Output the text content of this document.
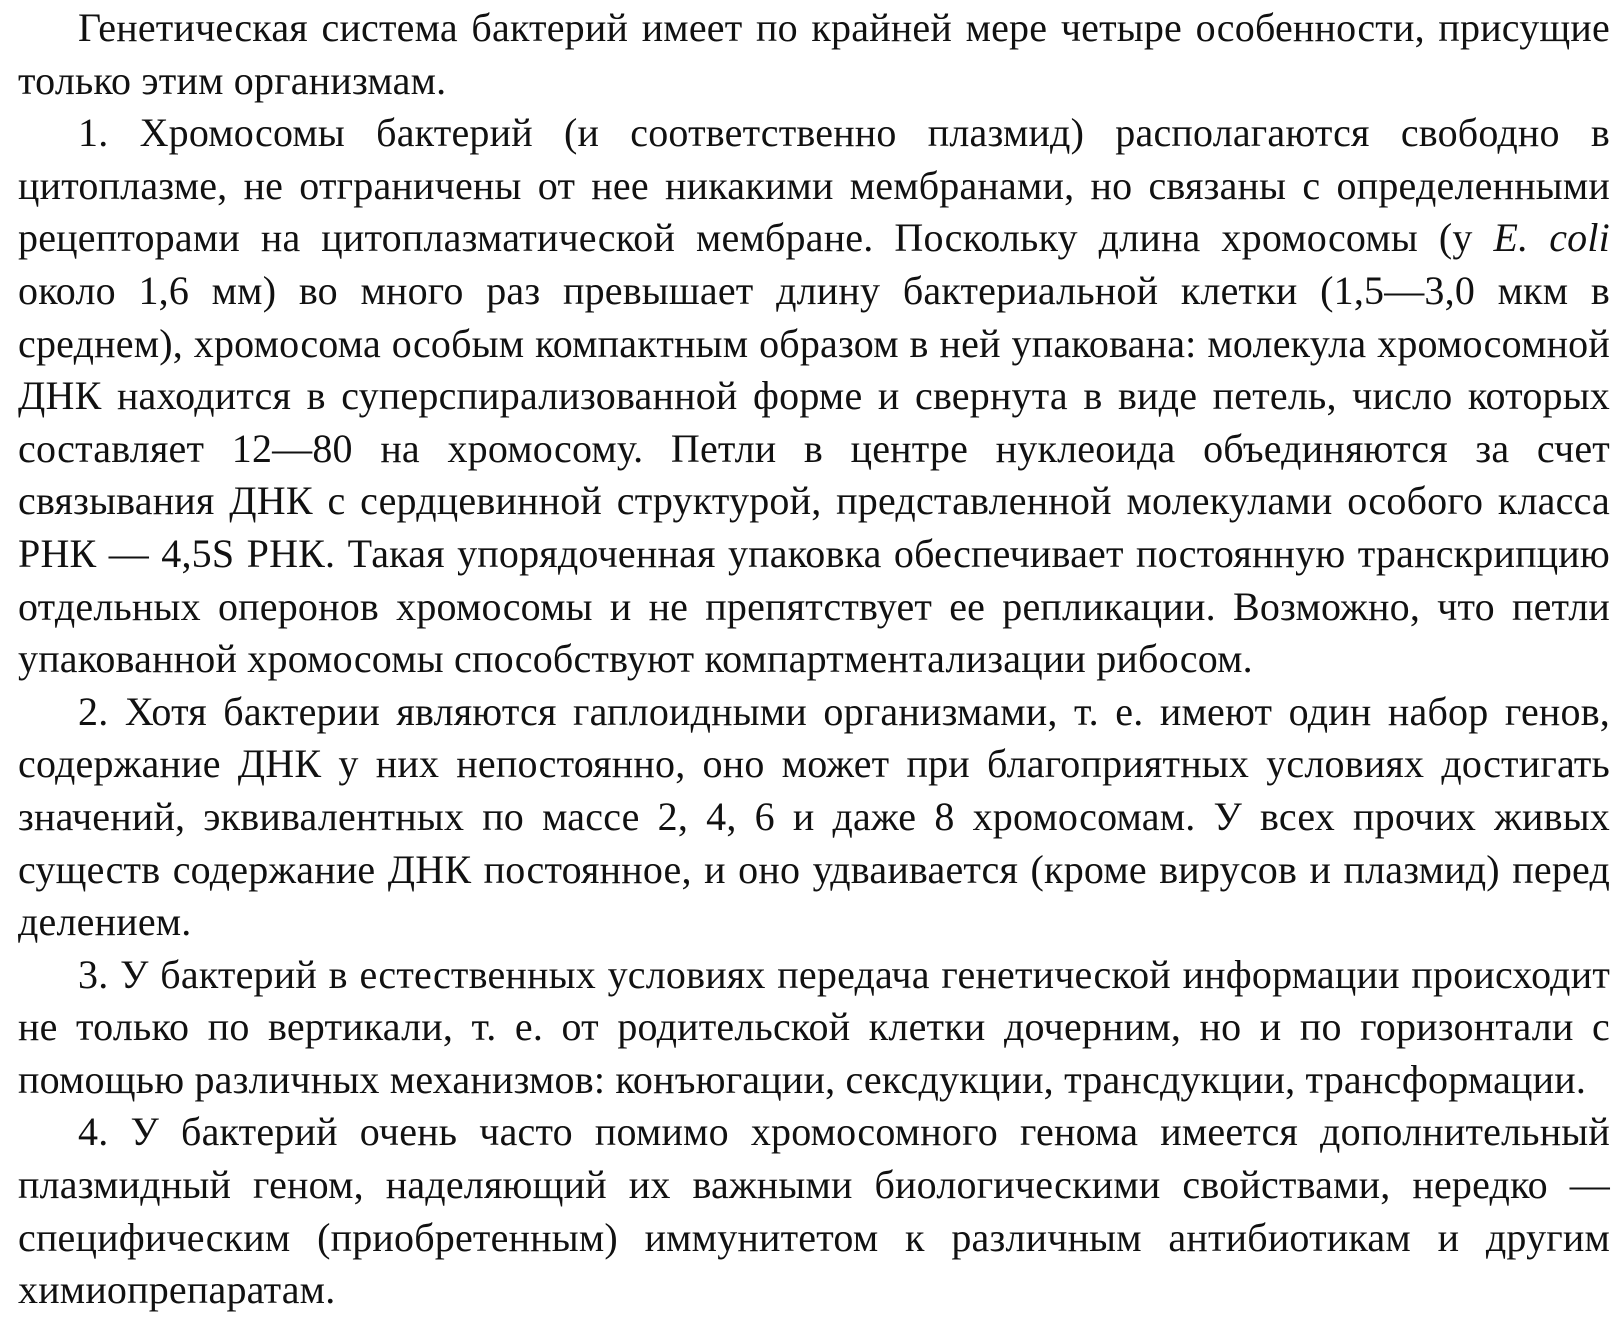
Генетическая система бактерий имеет по крайней мере четыре особенности, присущие только этим организмам.

1. Хромосомы бактерий (и соответственно плазмид) располагаются свободно в цитоплазме, не отграничены от нее никакими мембранами, но связаны с определенными рецепторами на цитоплазматической мембране. Поскольку длина хромосомы (у E. coli около 1,6 мм) во много раз превышает длину бактериальной клетки (1,5—3,0 мкм в среднем), хромосома особым компактным образом в ней упакована: молекула хромосомной ДНК находится в суперспирализованной форме и свернута в виде петель, число которых составляет 12—80 на хромосому. Петли в центре нуклеоида объединяются за счет связывания ДНК с сердцевинной структурой, представленной молекулами особого класса РНК — 4,5S РНК. Такая упорядоченная упаковка обеспечивает постоянную транскрипцию отдельных оперонов хромосомы и не препятствует ее репликации. Возможно, что петли упакованной хромосомы способствуют компартментализации рибосом.

2. Хотя бактерии являются гаплоидными организмами, т. е. имеют один набор генов, содержание ДНК у них непостоянно, оно может при благоприятных условиях достигать значений, эквивалентных по массе 2, 4, 6 и даже 8 хромосомам. У всех прочих живых существ содержание ДНК постоянное, и оно удваивается (кроме вирусов и плазмид) перед делением.

3. У бактерий в естественных условиях передача генетической информации происходит не только по вертикали, т. е. от родительской клетки дочерним, но и по горизонтали с помощью различных механизмов: конъюгации, сексдукции, трансдукции, трансформации.

4. У бактерий очень часто помимо хромосомного генома имеется дополнительный плазмидный геном, наделяющий их важными биологическими свойствами, нередко — специфическим (приобретенным) иммунитетом к различным антибиотикам и другим химиопрепаратам.
